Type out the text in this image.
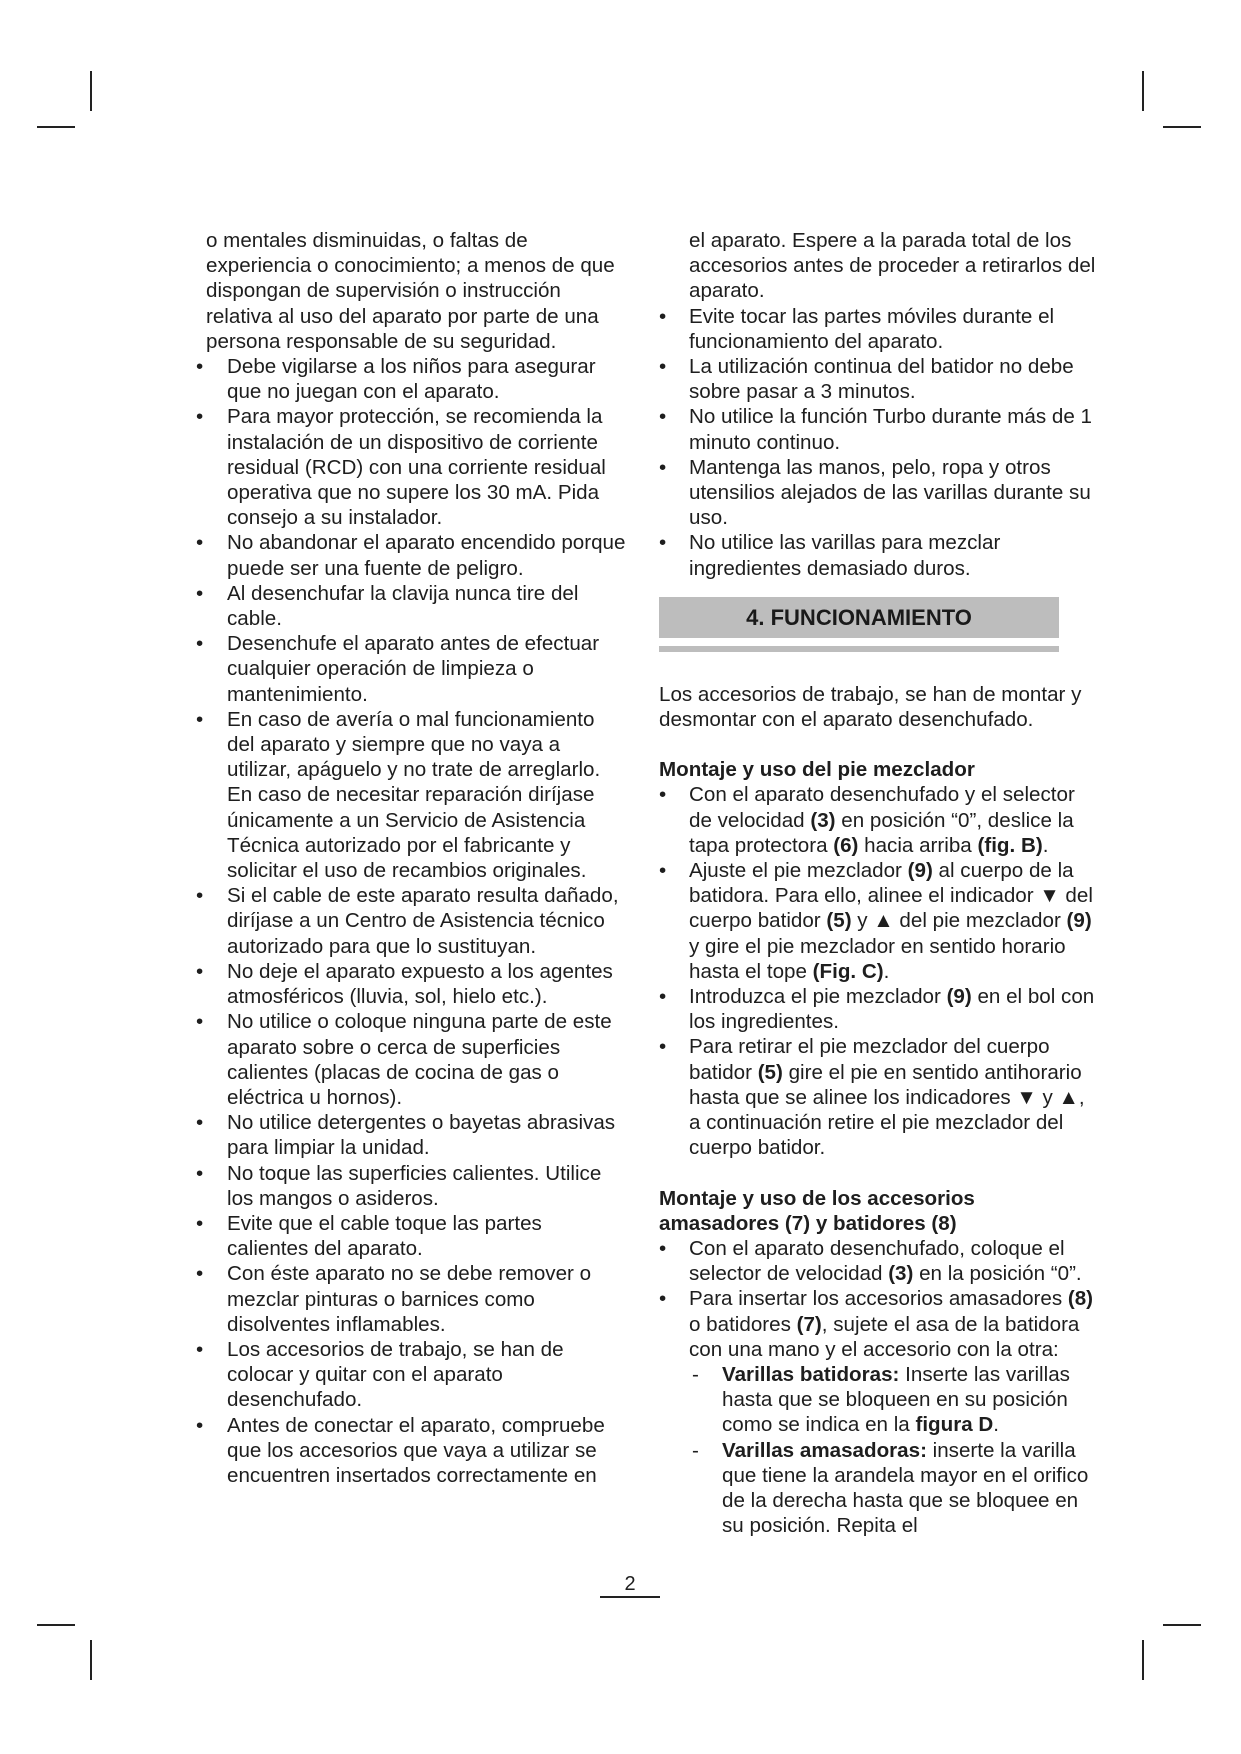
o mentales disminuidas, o faltas de experiencia o conocimiento; a menos de que dispongan de supervisión o instrucción relativa al uso del aparato por parte de una persona responsable de su seguridad.

• Debe vigilarse a los niños para asegurar que no juegan con el aparato.

• Para mayor protección, se recomienda la instalación de un dispositivo de corriente residual (RCD) con una corriente residual operativa que no supere los 30 mA. Pida consejo a su instalador.

• No abandonar el aparato encendido porque puede ser una fuente de peligro.

• Al desenchufar la clavija nunca tire del cable.

• Desenchufe el aparato antes de efectuar cualquier operación de limpieza o mantenimiento.

• En caso de avería o mal funcionamiento del aparato y siempre que no vaya a utilizar, apáguelo y no trate de arreglarlo. En caso de necesitar reparación diríjase únicamente a un Servicio de Asistencia Técnica autorizado por el fabricante y solicitar el uso de recambios originales.

• Si el cable de este aparato resulta dañado, diríjase a un Centro de Asistencia técnico autorizado para que lo sustituyan.

• No deje el aparato expuesto a los agentes atmosféricos (lluvia, sol, hielo etc.).

• No utilice o coloque ninguna parte de este aparato sobre o cerca de superficies calientes (placas de cocina de gas o eléctrica u hornos).

• No utilice detergentes o bayetas abrasivas para limpiar la unidad.

• No toque las superficies calientes. Utilice los mangos o asideros.

• Evite que el cable toque las partes calientes del aparato.

• Con éste aparato no se debe remover o mezclar pinturas o barnices como disolventes inflamables.

• Los accesorios de trabajo, se han de colocar y quitar con el aparato desenchufado.

• Antes de conectar el aparato, compruebe que los accesorios que vaya a utilizar se encuentren insertados correctamente en

el aparato. Espere a la parada total de los accesorios antes de proceder a retirarlos del aparato.

• Evite tocar las partes móviles durante el funcionamiento del aparato.

• La utilización continua del batidor no debe sobre pasar a 3 minutos.

• No utilice la función Turbo durante más de 1 minuto continuo.

• Mantenga las manos, pelo, ropa y otros utensilios alejados de las varillas durante su uso.

• No utilice las varillas para mezclar ingredientes demasiado duros.

4. FUNCIONAMIENTO

Los accesorios de trabajo, se han de montar y desmontar con el aparato desenchufado.

Montaje y uso del pie mezclador

• Con el aparato desenchufado y el selector de velocidad (3) en posición “0”, deslice la tapa protectora (6) hacia arriba (fig. B).

• Ajuste el pie mezclador (9) al cuerpo de la batidora. Para ello, alinee el indicador ▼ del cuerpo batidor (5) y ▲ del pie mezclador (9) y gire el pie mezclador en sentido horario hasta el tope (Fig. C).

• Introduzca el pie mezclador (9) en el bol con los ingredientes.

• Para retirar el pie mezclador del cuerpo batidor (5) gire el pie en sentido antihorario hasta que se alinee los indicadores ▼ y ▲, a continuación retire el pie mezclador del cuerpo batidor.

Montaje y uso de los accesorios

amasadores (7) y batidores (8)

• Con el aparato desenchufado, coloque el selector de velocidad (3) en la posición “0”.

• Para insertar los accesorios amasadores (8) o batidores (7), sujete el asa de la batidora con una mano y el accesorio con la otra:

- Varillas batidoras: Inserte las varillas hasta que se bloqueen en su posición como se indica en la figura D.

- Varillas amasadoras: inserte la varilla que tiene la arandela mayor en el orifico de la derecha hasta que se bloquee en su posición. Repita el

2
